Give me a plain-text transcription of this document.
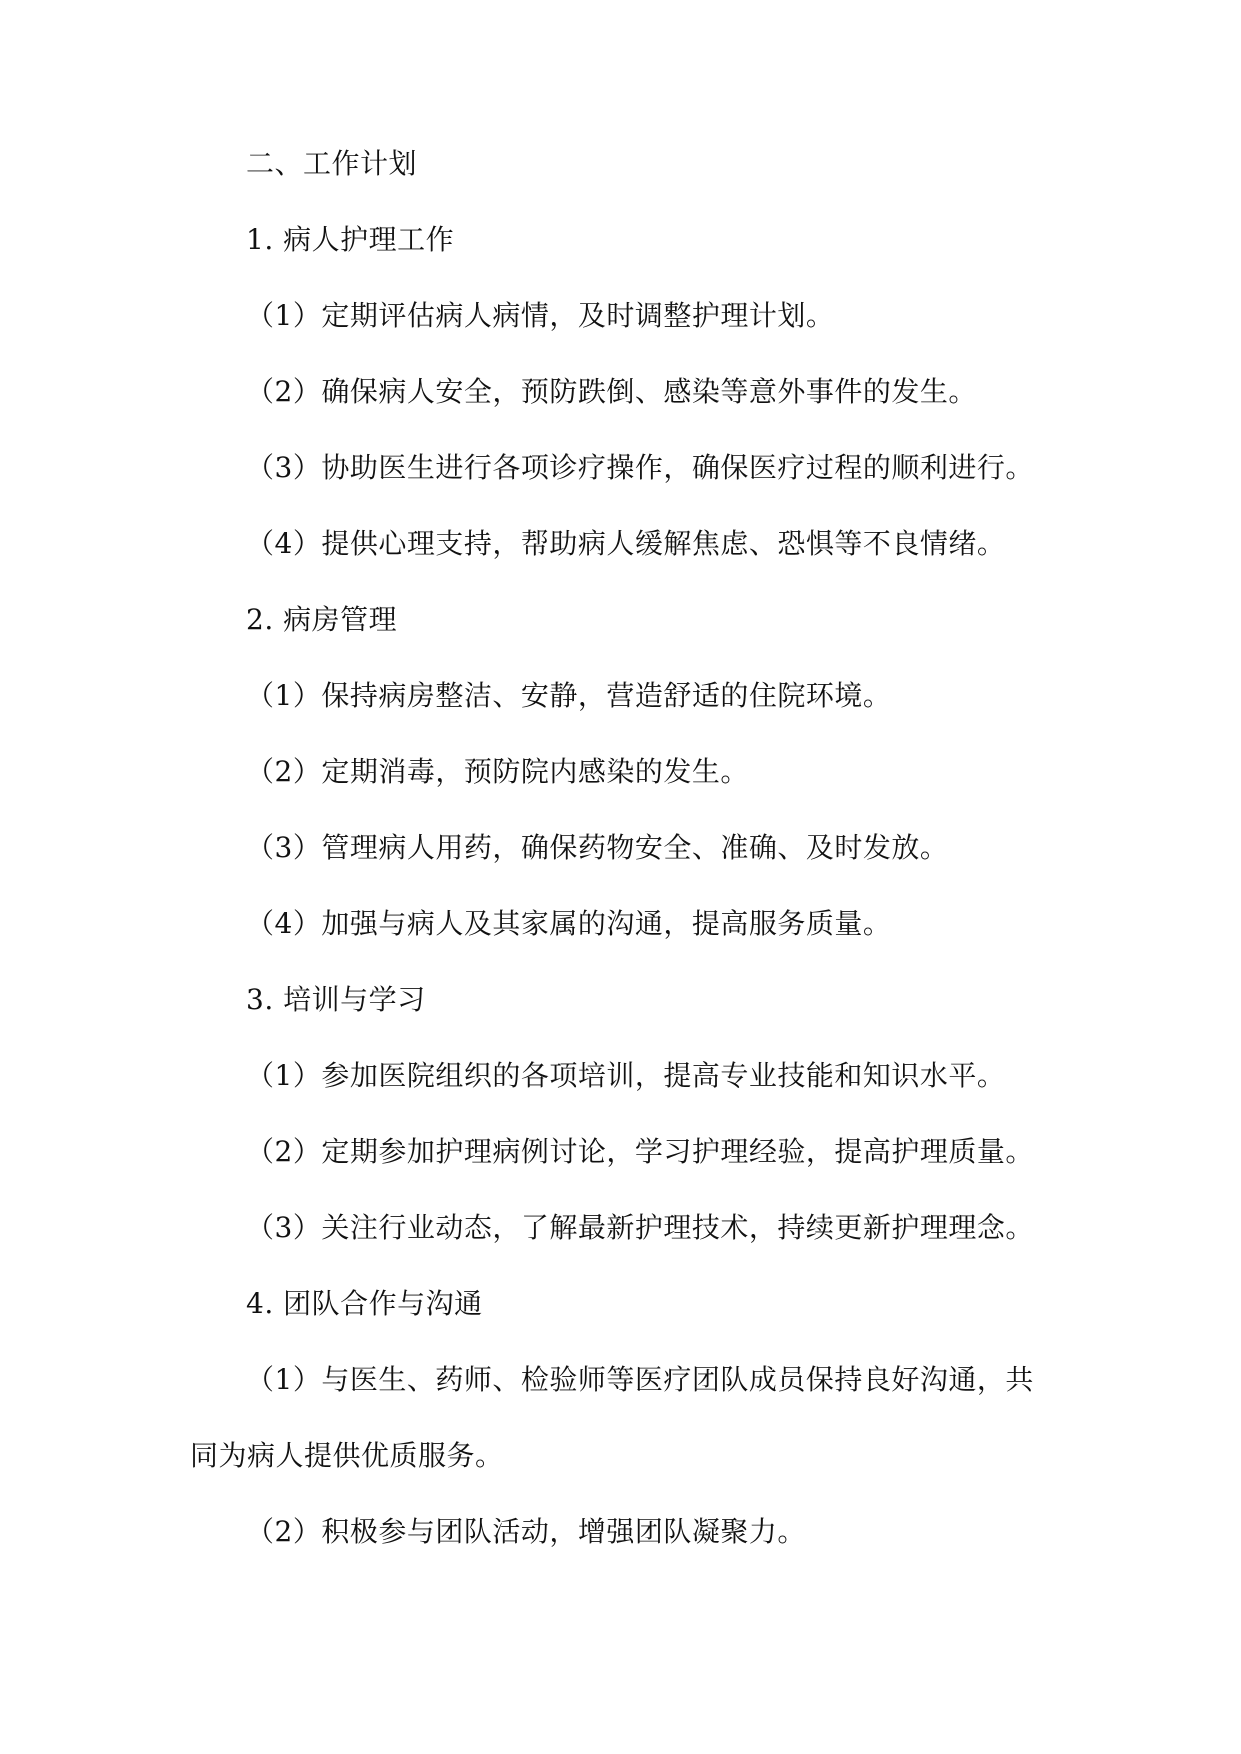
二、工作计划
1. 病人护理工作
（1）定期评估病人病情，及时调整护理计划。
（2）确保病人安全，预防跌倒、感染等意外事件的发生。
（3）协助医生进行各项诊疗操作，确保医疗过程的顺利进行。
（4）提供心理支持，帮助病人缓解焦虑、恐惧等不良情绪。
2. 病房管理
（1）保持病房整洁、安静，营造舒适的住院环境。
（2）定期消毒，预防院内感染的发生。
（3）管理病人用药，确保药物安全、准确、及时发放。
（4）加强与病人及其家属的沟通，提高服务质量。
3. 培训与学习
（1）参加医院组织的各项培训，提高专业技能和知识水平。
（2）定期参加护理病例讨论，学习护理经验，提高护理质量。
（3）关注行业动态，了解最新护理技术，持续更新护理理念。
4. 团队合作与沟通
（1）与医生、药师、检验师等医疗团队成员保持良好沟通，共
同为病人提供优质服务。
（2）积极参与团队活动，增强团队凝聚力。
